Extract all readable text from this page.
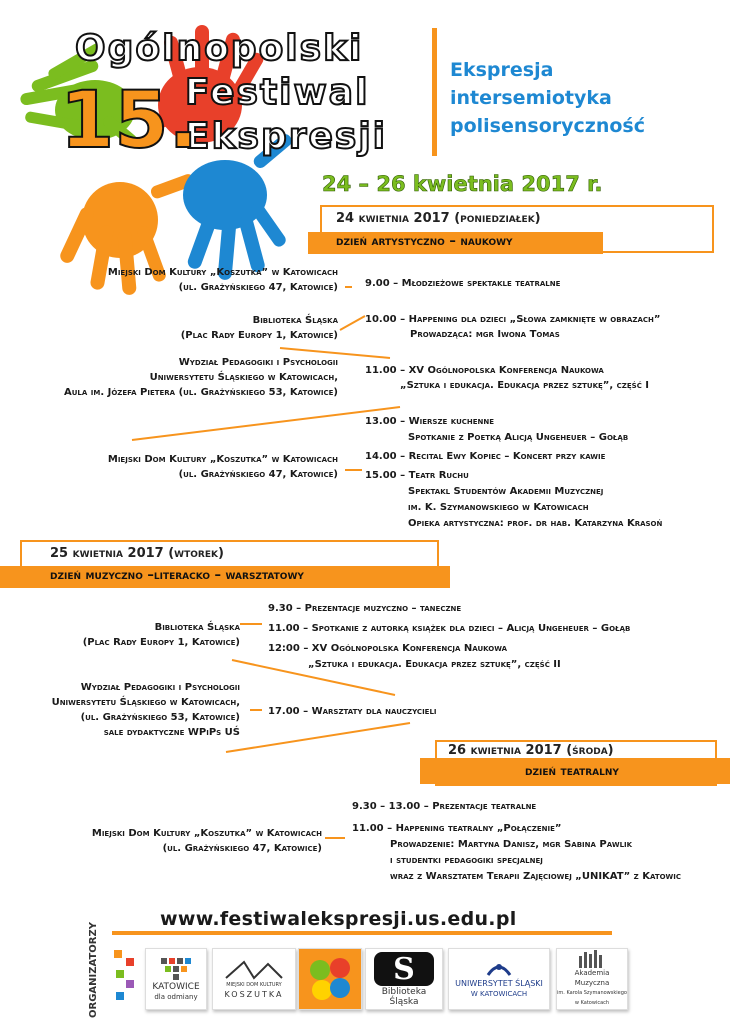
Ogólnopolski
Festiwal
Ekspresji
15.
Ekspresja
intersemiotyka
polisensoryczność
24 – 26 kwietnia 2017 r.
24 kwietnia 2017 (poniedziałek)
dzień artystyczno – naukowy
Miejski Dom Kultury „Koszutka” w Katowicach
(ul. Grażyńskiego 47, Katowice)
Biblioteka Śląska
(Plac Rady Europy 1, Katowice)
Wydział Pedagogiki i Psychologii
Uniwersytetu Śląskiego w Katowicach,
Aula im. Józefa Pietera (ul. Grażyńskiego 53, Katowice)
Miejski Dom Kultury „Koszutka” w Katowicach
(ul. Grażyńskiego 47, Katowice)
9.00 – Młodzieżowe spektakle teatralne
10.00 – Happening dla dzieci „Słowa zamknięte w obrazach”
Prowadząca: mgr Iwona Tomas
11.00 – XV Ogólnopolska Konferencja Naukowa
„Sztuka i edukacja. Edukacja przez sztukę”, część I
13.00 – Wiersze kuchenne
Spotkanie z Poetką Alicją Ungeheuer – Gołąb
14.00 – Recital Ewy Kopiec – Koncert przy kawie
15.00 – Teatr Ruchu
Spektakl Studentów Akademii Muzycznej
im. K. Szymanowskiego w Katowicach
Opieka artystyczna: prof. dr hab. Katarzyna Krasoń
25 kwietnia 2017 (wtorek)
dzień muzyczno –literacko – warsztatowy
Biblioteka Śląska
(Plac Rady Europy 1, Katowice)
Wydział Pedagogiki i Psychologii
Uniwersytetu Śląskiego w Katowicach,
(ul. Grażyńskiego 53, Katowice)
sale dydaktyczne WPiPs UŚ
9.30 – Prezentacje muzyczno – taneczne
11.00 – Spotkanie z autorką książek dla dzieci – Alicją Ungeheuer – Gołąb
12:00 – XV Ogólnopolska Konferencja Naukowa
„Sztuka i edukacja. Edukacja przez sztukę”, część II
17.00 – Warsztaty dla nauczycieli
26 kwietnia 2017 (środa)
dzień teatralny
Miejski Dom Kultury „Koszutka” w Katowicach
(ul. Grażyńskiego 47, Katowice)
9.30 – 13.00 – Prezentacje teatralne
11.00 – Happening teatralny „Połączenie”
Prowadzenie: Martyna Danisz, mgr Sabina Pawlik
i studentki pedagogiki specjalnej
wraz z Warsztatem Terapii Zajęciowej „UNIKAT” z Katowic
www.festiwalekspresji.us.edu.pl
ORGANIZATORZY	KATOWICE
dla odmiany
MIEJSKI DOM KULTURY
KOSZUTKA
S
Biblioteka Śląska
UNIWERSYTET ŚLĄSKI
W KATOWICACH
Akademia Muzyczna
im. Karola Szymanowskiego
w Katowicach
